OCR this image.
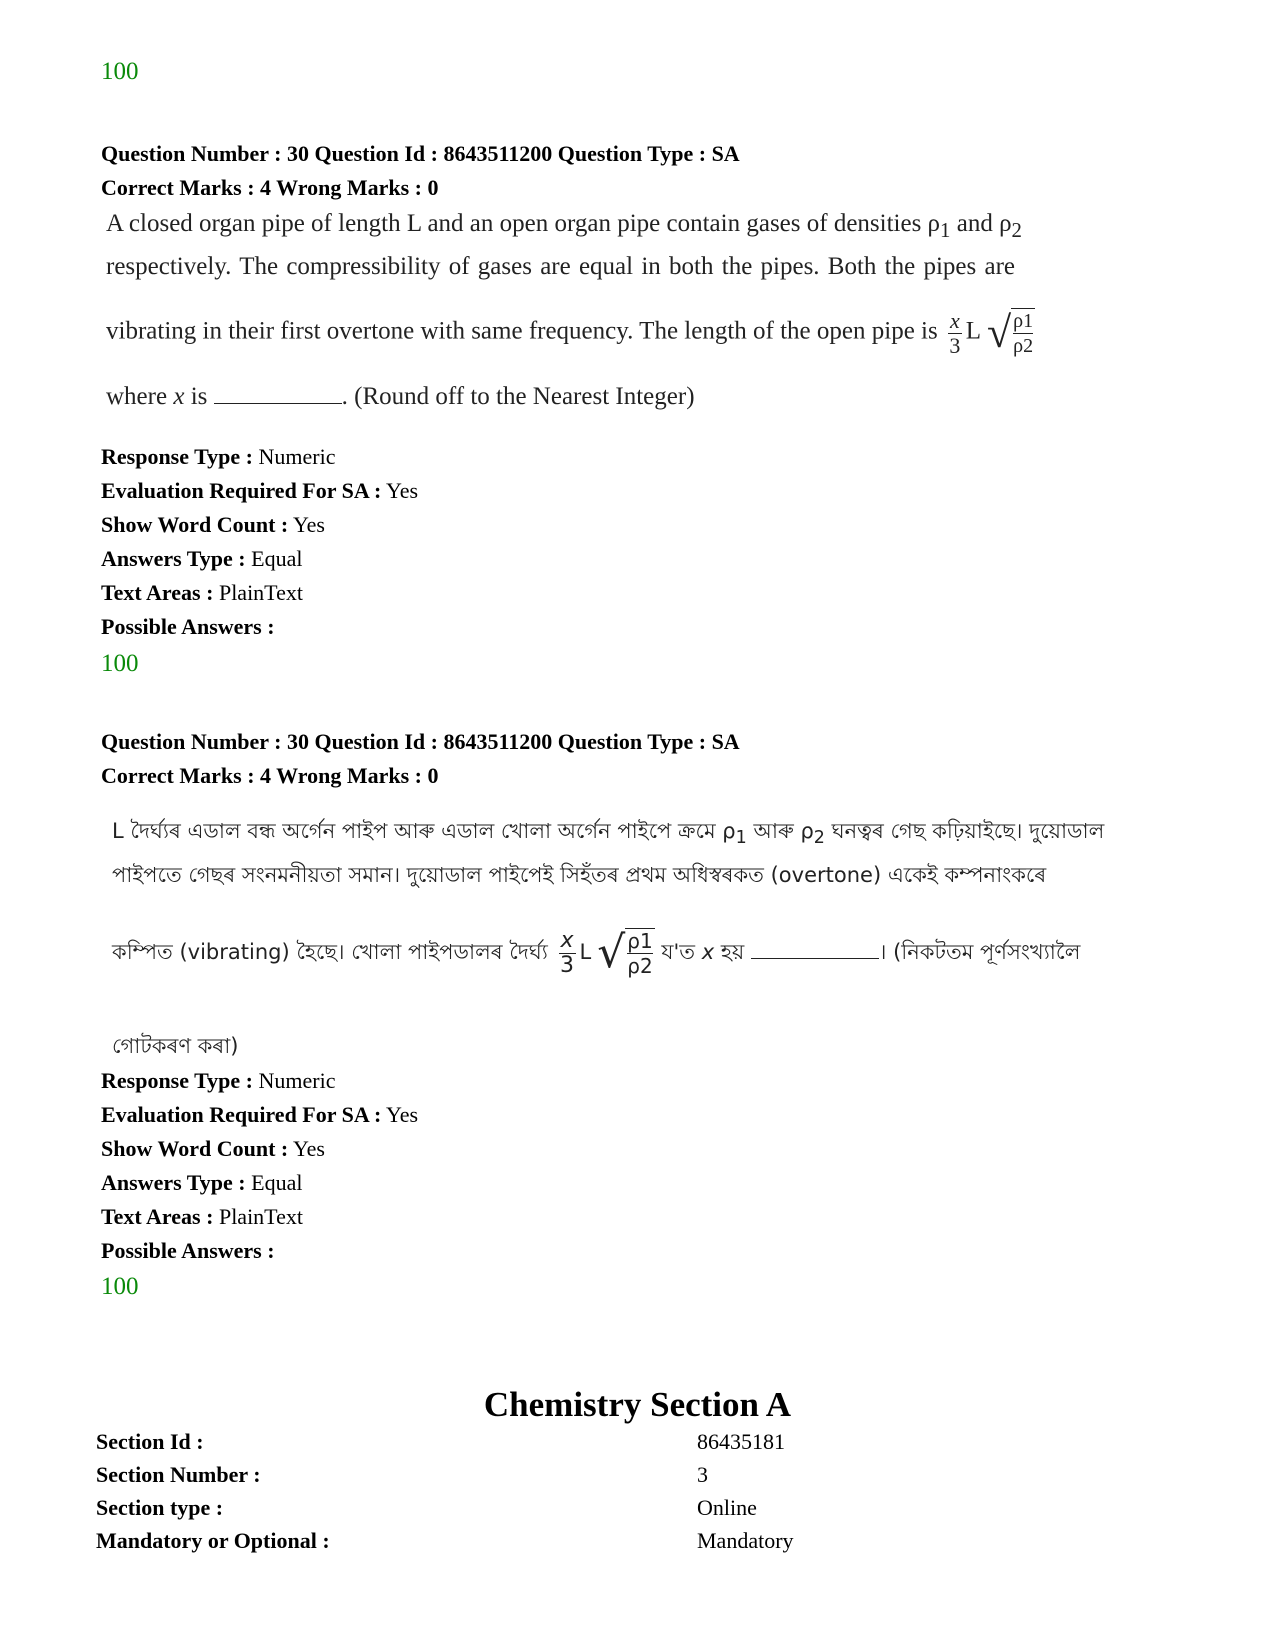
100
Question Number : 30 Question Id : 8643511200 Question Type : SA
Correct Marks : 4 Wrong Marks : 0
A closed organ pipe of length L and an open organ pipe contain gases of densities $\rho_1$ and $\rho_2$
respectively. The compressibility of gases are equal in both the pipes. Both the pipes are
vibrating in their first overtone with same frequency. The length of the open pipe is $\frac{x}{3}$ L √ ρ1
ρ2
where x is	. (Round off to the Nearest Integer)
Response Type : Numeric
Evaluation Required For SA : Yes
Show Word Count : Yes
Answers Type : Equal
Text Areas : PlainText
Possible Answers :
100
Question Number : 30 Question Id : 8643511200 Question Type : SA
Correct Marks : 4 Wrong Marks : 0
L দৈৰ্ঘ্যৰ এডাল বন্ধ অৰ্গেন পাইপ আৰু এডাল খোলা অৰ্গেন পাইপে ক্ৰমে $\rho_1$ আৰু $\rho_2$ ঘনত্বৰ গেছ কঢ়িয়াইছে। দুয়োডাল
পাইপতে গেছৰ সংনমনীয়তা সমান। দুয়োডাল পাইপেই সিহঁতৰ প্ৰথম অধিস্বৰকত (overtone) একেই কম্পনাংকৰে
কম্পিত (vibrating) হৈছে। খোলা পাইপডালৰ দৈৰ্ঘ্য $\frac{x}{3}$ L √ ρ1
ρ2
য'ত x হয়	। (নিকটতম পূৰ্ণসংখ্যালৈ
গোটকৰণ কৰা)
Response Type : Numeric
Evaluation Required For SA : Yes
Show Word Count : Yes
Answers Type : Equal
Text Areas : PlainText
Possible Answers :
100
Chemistry Section A
Section Id :	86435181
Section Number :	3
Section type :	Online
Mandatory or Optional :	Mandatory
